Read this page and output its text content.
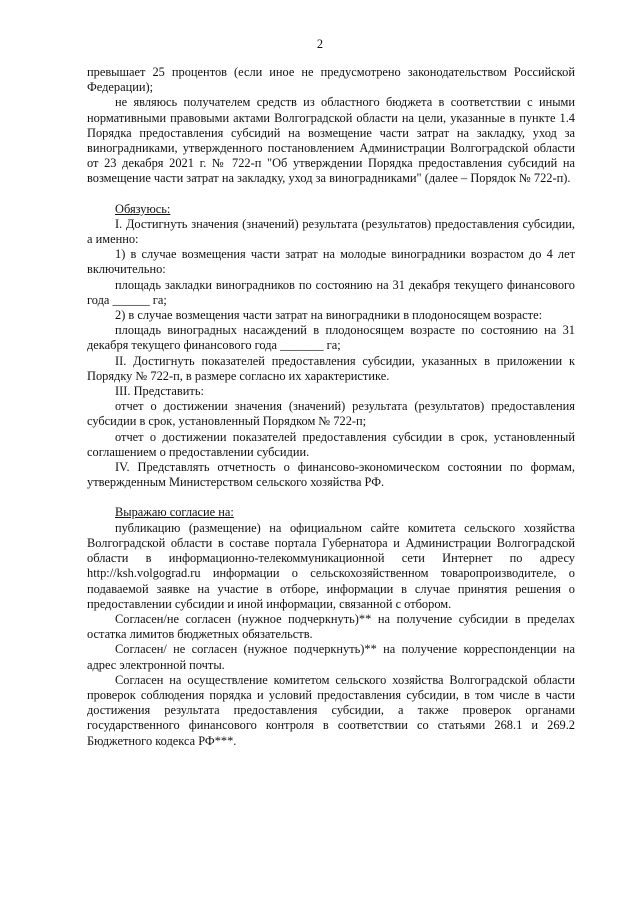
2

превышает 25 процентов (если иное не предусмотрено законодательством Российской Федерации);

не являюсь получателем средств из областного бюджета в соответствии с иными нормативными правовыми актами Волгоградской области на цели, указанные в пункте 1.4 Порядка предоставления субсидий на возмещение части затрат на закладку, уход за виноградниками, утвержденного постановлением Администрации Волгоградской области от 23 декабря 2021 г. № 722-п "Об утверждении Порядка предоставления субсидий на возмещение части затрат на закладку, уход за виноградниками" (далее – Порядок № 722-п).

Обязуюсь:

I. Достигнуть значения (значений) результата (результатов) предоставления субсидии, а именно:

1) в случае возмещения части затрат на молодые виноградники возрастом до 4 лет включительно:

площадь закладки виноградников по состоянию на 31 декабря текущего финансового года ______ га;

2) в случае возмещения части затрат на виноградники в плодоносящем возрасте:

площадь виноградных насаждений в плодоносящем возрасте по состоянию на 31 декабря текущего финансового года _______ га;

II. Достигнуть показателей предоставления субсидии, указанных в приложении к Порядку № 722-п, в размере согласно их характеристике.

III. Представить:

отчет о достижении значения (значений) результата (результатов) предоставления субсидии в срок, установленный Порядком № 722-п;

отчет о достижении показателей предоставления субсидии в срок, установленный соглашением о предоставлении субсидии.

IV. Представлять отчетность о финансово-экономическом состоянии по формам, утвержденным Министерством сельского хозяйства РФ.

Выражаю согласие на:

публикацию (размещение) на официальном сайте комитета сельского хозяйства Волгоградской области в составе портала Губернатора и Администрации Волгоградской области в информационно-телекоммуникационной сети Интернет по адресу http://ksh.volgograd.ru информации о сельскохозяйственном товаропроизводителе, о подаваемой заявке на участие в отборе, информации в случае принятия решения о предоставлении субсидии и иной информации, связанной с отбором.

Согласен/не согласен (нужное подчеркнуть)** на получение субсидии в пределах остатка лимитов бюджетных обязательств.

Согласен/ не согласен (нужное подчеркнуть)** на получение корреспонденции на адрес электронной почты.

Согласен на осуществление комитетом сельского хозяйства Волгоградской области проверок соблюдения порядка и условий предоставления субсидии, в том числе в части достижения результата предоставления субсидии, а также проверок органами государственного финансового контроля в соответствии со статьями 268.1 и 269.2 Бюджетного кодекса РФ***.
